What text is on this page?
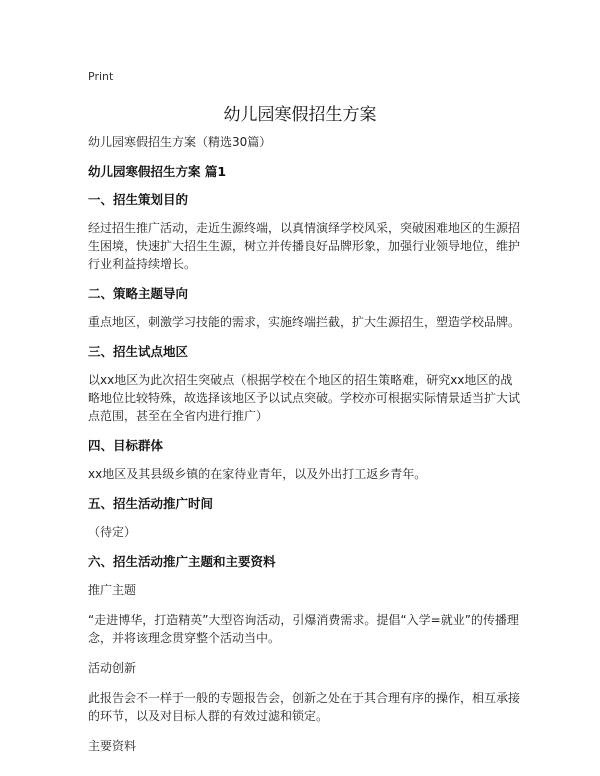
Print
幼儿园寒假招生方案
幼儿园寒假招生方案（精选30篇）
幼儿园寒假招生方案 篇1
一、招生策划目的
经过招生推广活动，走近生源终端，以真情演绎学校风采，突破困难地区的生源招生困境，快速扩大招生生源，树立并传播良好品牌形象，加强行业领导地位，维护行业利益持续增长。
二、策略主题导向
重点地区，刺激学习技能的需求，实施终端拦截，扩大生源招生，塑造学校品牌。
三、招生试点地区
以xx地区为此次招生突破点（根据学校在个地区的招生策略难，研究xx地区的战略地位比较特殊，故选择该地区予以试点突破。学校亦可根据实际情景适当扩大试点范围，甚至在全省内进行推广）
四、目标群体
xx地区及其县级乡镇的在家待业青年，以及外出打工返乡青年。
五、招生活动推广时间
（待定）
六、招生活动推广主题和主要资料
推广主题
“走进博华，打造精英”大型咨询活动，引爆消费需求。提倡“入学=就业”的传播理念，并将该理念贯穿整个活动当中。
活动创新
此报告会不一样于一般的专题报告会，创新之处在于其合理有序的操作，相互承接的环节，以及对目标人群的有效过滤和锁定。
主要资料
